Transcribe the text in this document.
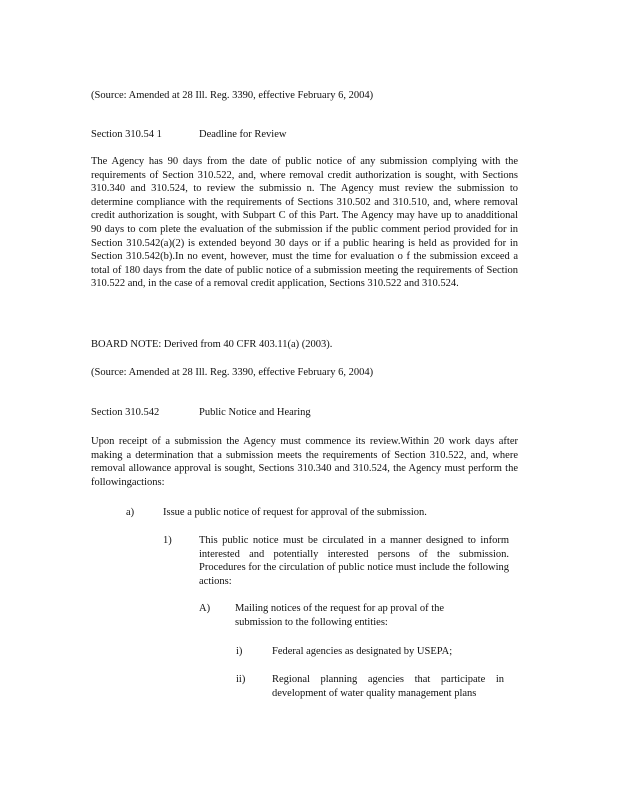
(Source: Amended at 28 Ill. Reg. 3390, effective February 6, 2004)

Section 310.54 1	Deadline for Review

The Agency has 90 days from the date of public notice of any submission complying with the requirements of Section 310.522, and, where removal credit authorization is sought, with Sections 310.340 and 310.524, to review the submissio n. The Agency must review the submission to determine compliance with the requirements of Sections 310.502 and 310.510, and, where removal credit authorization is sought, with Subpart C of this Part. The Agency may have up to anadditional 90 days to com plete the evaluation of the submission if the public comment period provided for in Section 310.542(a)(2) is extended beyond 30 days or if a public hearing is held as provided for in Section 310.542(b).In no event, however, must the time for evaluation o f the submission exceed a total of 180 days from the date of public notice of a submission meeting the requirements of Section 310.522 and, in the case of a removal credit application, Sections 310.522 and 310.524.

BOARD NOTE: Derived from 40 CFR 403.11(a) (2003).

(Source: Amended at 28 Ill. Reg. 3390, effective February 6, 2004)

Section 310.542	Public Notice and Hearing

Upon receipt of a submission the Agency must commence its review.Within 20 work days after making a determination that a submission meets the requirements of Section 310.522, and, where removal allowance approval is sought, Sections 310.340 and 310.524, the Agency must perform the followingactions:

a)	Issue a public notice of request for approval of the submission.

1)	This public notice must be circulated in a manner designed to inform interested and potentially interested persons of the submission. Procedures for the circulation of public notice must include the following actions:

A) Mailing notices of the request for ap proval of the submission to the following entities:

i)	Federal agencies as designated by USEPA;

ii)	Regional planning agencies that participate in development of water quality management plans
